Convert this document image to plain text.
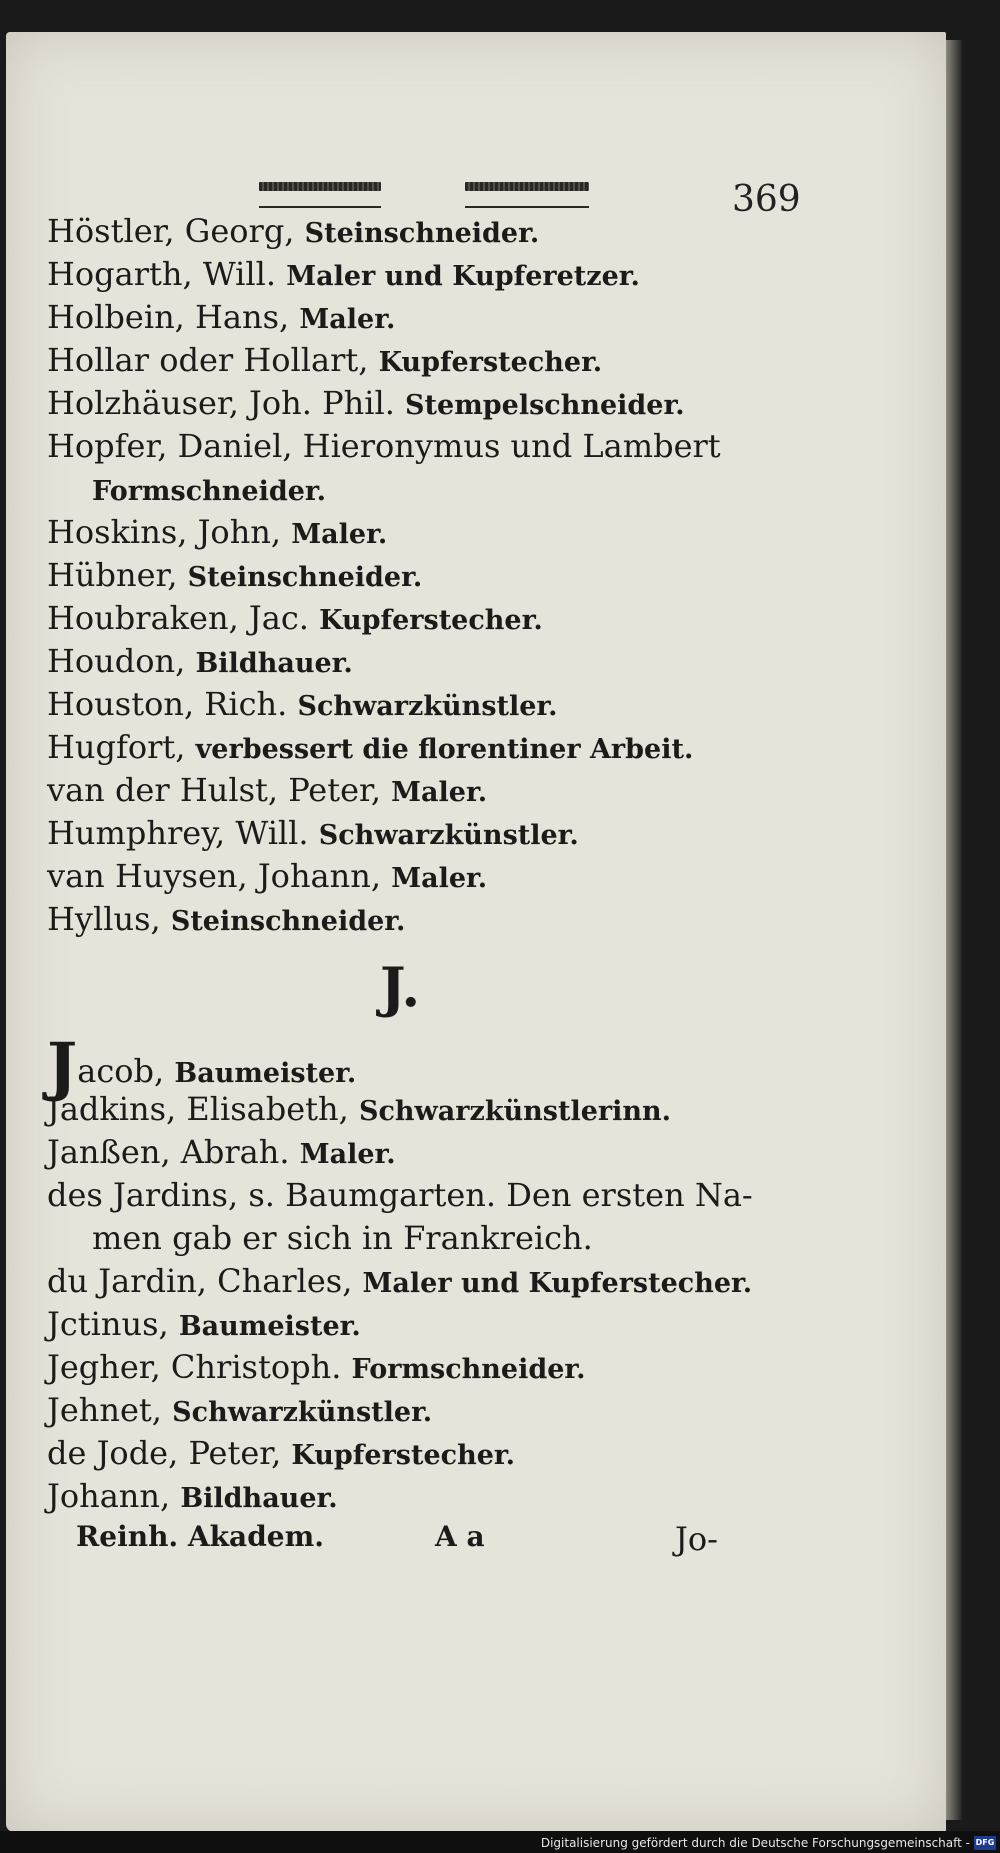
369
Höstler, Georg, Steinschneider.
Hogarth, Will. Maler und Kupferetzer.
Holbein, Hans, Maler.
Hollar oder Hollart, Kupferstecher.
Holzhäuser, Joh. Phil. Stempelschneider.
Hopfer, Daniel, Hieronymus und Lambert
Formschneider.
Hoskins, John, Maler.
Hübner, Steinschneider.
Houbraken, Jac. Kupferstecher.
Houdon, Bildhauer.
Houston, Rich. Schwarzkünstler.
Hugfort, verbessert die florentiner Arbeit.
van der Hulst, Peter, Maler.
Humphrey, Will. Schwarzkünstler.
van Huysen, Johann, Maler.
Hyllus, Steinschneider.
J.
Jacob, Baumeister.
Jadkins, Elisabeth, Schwarzkünstlerinn.
Janßen, Abrah. Maler.
des Jardins, s. Baumgarten. Den ersten Na-
men gab er sich in Frankreich.
du Jardin, Charles, Maler und Kupferstecher.
Jctinus, Baumeister.
Jegher, Christoph. Formschneider.
Jehnet, Schwarzkünstler.
de Jode, Peter, Kupferstecher.
Johann, Bildhauer.
Reinh. Akadem.	A a	Jo-
Digitalisierung gefördert durch die Deutsche Forschungsgemeinschaft - DFG
